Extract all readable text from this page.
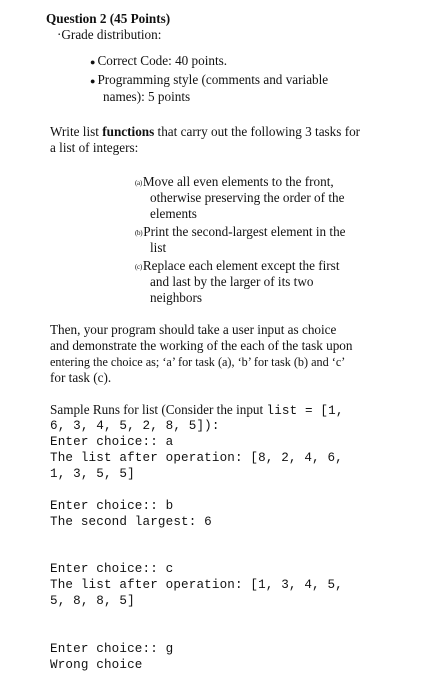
Question 2 (45 Points)
·Grade distribution:
● Correct Code: 40 points.
● Programming style (comments and variable
names): 5 points
Write list functions that carry out the following 3 tasks for
a list of integers:
(a)Move all even elements to the front,
otherwise preserving the order of the
elements
(b)Print the second-largest element in the
list
(c)Replace each element except the first
and last by the larger of its two
neighbors
Then, your program should take a user input as choice
and demonstrate the working of the each of the task upon
entering the choice as; ‘a’ for task (a), ‘b’ for task (b) and ‘c’
for task (c).
Sample Runs for list (Consider the input list = [1,
6, 3, 4, 5, 2, 8, 5]):
Enter choice:: a
The list after operation: [8, 2, 4, 6,
1, 3, 5, 5]
Enter choice:: b
The second largest: 6
Enter choice:: c
The list after operation: [1, 3, 4, 5,
5, 8, 8, 5]
Enter choice:: g
Wrong choice
